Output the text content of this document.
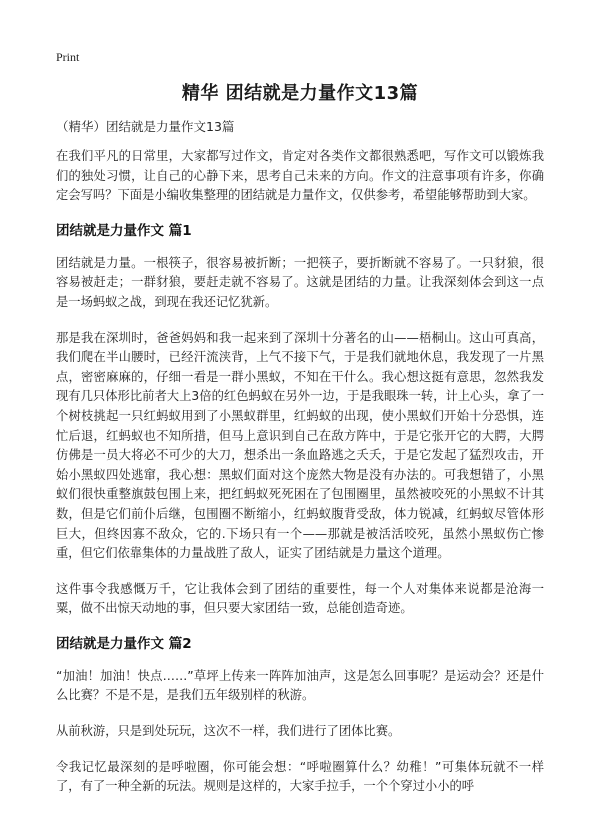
Print
精华 团结就是力量作文13篇

（精华）团结就是力量作文13篇

在我们平凡的日常里，大家都写过作文，肯定对各类作文都很熟悉吧，写作文可以锻炼我们的独处习惯，让自己的心静下来，思考自己未来的方向。作文的注意事项有许多，你确定会写吗？下面是小编收集整理的团结就是力量作文，仅供参考，希望能够帮助到大家。

团结就是力量作文 篇1

团结就是力量。一根筷子，很容易被折断；一把筷子，要折断就不容易了。一只豺狼，很容易被赶走；一群豺狼，要赶走就不容易了。这就是团结的力量。让我深刻体会到这一点是一场蚂蚁之战，到现在我还记忆犹新。

那是我在深圳时，爸爸妈妈和我一起来到了深圳十分著名的山——梧桐山。这山可真高，我们爬在半山腰时，已经汗流浃背，上气不接下气，于是我们就地休息，我发现了一片黑点，密密麻麻的，仔细一看是一群小黑蚁，不知在干什么。我心想这挺有意思，忽然我发现有几只体形比前者大上3倍的红色蚂蚁在另外一边，于是我眼珠一转，计上心头，拿了一个树枝挑起一只红蚂蚁用到了小黑蚁群里，红蚂蚁的出现，使小黑蚁们开始十分恐惧，连忙后退，红蚂蚁也不知所措，但马上意识到自己在敌方阵中，于是它张开它的大腭，大腭仿佛是一员大将必不可少的大刀，想杀出一条血路逃之夭夭，于是它发起了猛烈攻击，开始小黑蚁四处逃窜，我心想：黑蚁们面对这个庞然大物是没有办法的。可我想错了，小黑蚁们很快重整旗鼓包围上来，把红蚂蚁死死困在了包围圈里，虽然被咬死的小黑蚁不计其数，但是它们前仆后继，包围圈不断缩小，红蚂蚁腹背受敌，体力锐减，红蚂蚁尽管体形巨大，但终因寡不敌众，它的.下场只有一个——那就是被活活咬死，虽然小黑蚁伤亡惨重，但它们依靠集体的力量战胜了敌人，证实了团结就是力量这个道理。

这件事令我感慨万千，它让我体会到了团结的重要性，每一个人对集体来说都是沧海一粟，做不出惊天动地的事，但只要大家团结一致，总能创造奇迹。

团结就是力量作文 篇2

“加油！加油！快点……”草坪上传来一阵阵加油声，这是怎么回事呢？是运动会？还是什么比赛？不是不是，是我们五年级别样的秋游。

从前秋游，只是到处玩玩，这次不一样，我们进行了团体比赛。

令我记忆最深刻的是呼啦圈，你可能会想：“呼啦圈算什么？幼稚！”可集体玩就不一样了，有了一种全新的玩法。规则是这样的，大家手拉手，一个个穿过小小的呼
